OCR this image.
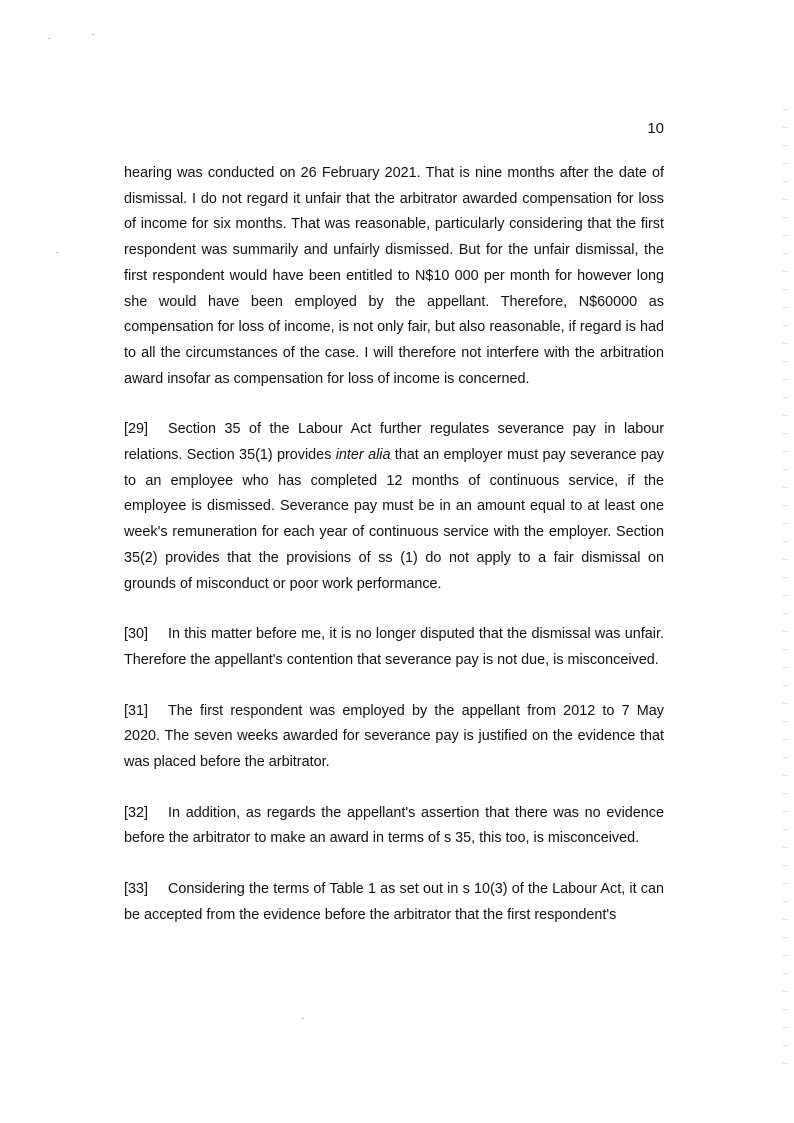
10

hearing was conducted on 26 February 2021. That is nine months after the date of dismissal. I do not regard it unfair that the arbitrator awarded compensation for loss of income for six months. That was reasonable, particularly considering that the first respondent was summarily and unfairly dismissed. But for the unfair dismissal, the first respondent would have been entitled to N$10 000 per month for however long she would have been employed by the appellant. Therefore, N$60000 as compensation for loss of income, is not only fair, but also reasonable, if regard is had to all the circumstances of the case. I will therefore not interfere with the arbitration award insofar as compensation for loss of income is concerned.

[29] Section 35 of the Labour Act further regulates severance pay in labour relations. Section 35(1) provides inter alia that an employer must pay severance pay to an employee who has completed 12 months of continuous service, if the employee is dismissed. Severance pay must be in an amount equal to at least one week's remuneration for each year of continuous service with the employer. Section 35(2) provides that the provisions of ss (1) do not apply to a fair dismissal on grounds of misconduct or poor work performance.

[30] In this matter before me, it is no longer disputed that the dismissal was unfair. Therefore the appellant's contention that severance pay is not due, is misconceived.

[31] The first respondent was employed by the appellant from 2012 to 7 May 2020. The seven weeks awarded for severance pay is justified on the evidence that was placed before the arbitrator.

[32] In addition, as regards the appellant's assertion that there was no evidence before the arbitrator to make an award in terms of s 35, this too, is misconceived.

[33] Considering the terms of Table 1 as set out in s 10(3) of the Labour Act, it can be accepted from the evidence before the arbitrator that the first respondent's
